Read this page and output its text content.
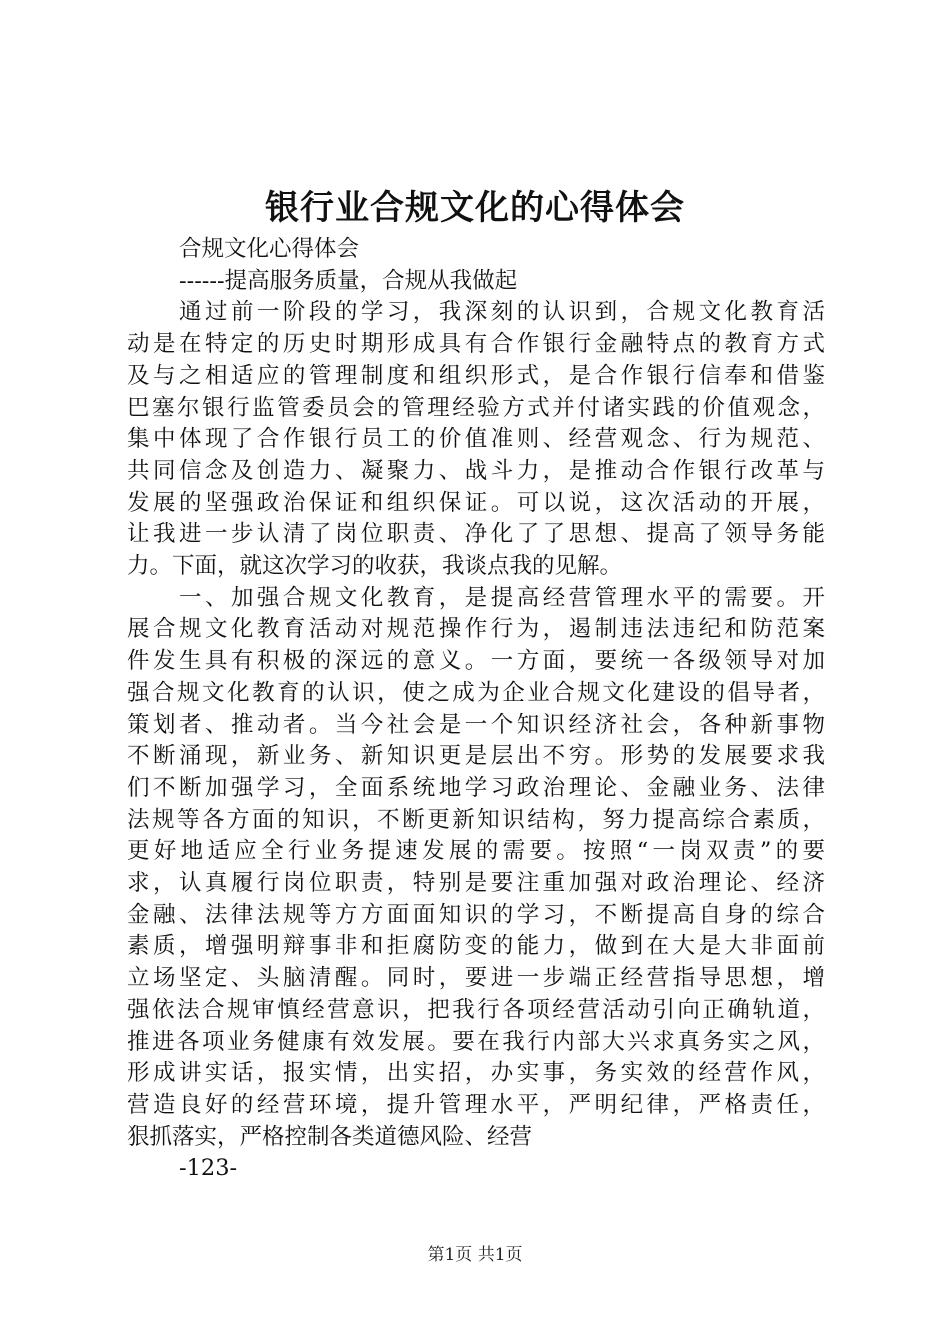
银行业合规文化的心得体会
合规文化心得体会
------提高服务质量，合规从我做起
通过前一阶段的学习，我深刻的认识到，合规文化教育活
动是在特定的历史时期形成具有合作银行金融特点的教育方式
及与之相适应的管理制度和组织形式，是合作银行信奉和借鉴
巴塞尔银行监管委员会的管理经验方式并付诸实践的价值观念，
集中体现了合作银行员工的价值准则、经营观念、行为规范、
共同信念及创造力、凝聚力、战斗力，是推动合作银行改革与
发展的坚强政治保证和组织保证。可以说，这次活动的开展，
让我进一步认清了岗位职责、净化了了思想、提高了领导务能
力。下面，就这次学习的收获，我谈点我的见解。
一、加强合规文化教育，是提高经营管理水平的需要。开
展合规文化教育活动对规范操作行为，遏制违法违纪和防范案
件发生具有积极的深远的意义。一方面，要统一各级领导对加
强合规文化教育的认识，使之成为企业合规文化建设的倡导者，
策划者、推动者。当今社会是一个知识经济社会，各种新事物
不断涌现，新业务、新知识更是层出不穷。形势的发展要求我
们不断加强学习，全面系统地学习政治理论、金融业务、法律
法规等各方面的知识，不断更新知识结构，努力提高综合素质，
更好地适应全行业务提速发展的需要。按照“一岗双责”的要
求，认真履行岗位职责，特别是要注重加强对政治理论、经济
金融、法律法规等方方面面知识的学习，不断提高自身的综合
素质，增强明辩事非和拒腐防变的能力，做到在大是大非面前
立场坚定、头脑清醒。同时，要进一步端正经营指导思想，增
强依法合规审慎经营意识，把我行各项经营活动引向正确轨道，
推进各项业务健康有效发展。要在我行内部大兴求真务实之风，
形成讲实话，报实情，出实招，办实事，务实效的经营作风，
营造良好的经营环境，提升管理水平，严明纪律，严格责任，
狠抓落实，严格控制各类道德风险、经营
-123-
第1页 共1页
